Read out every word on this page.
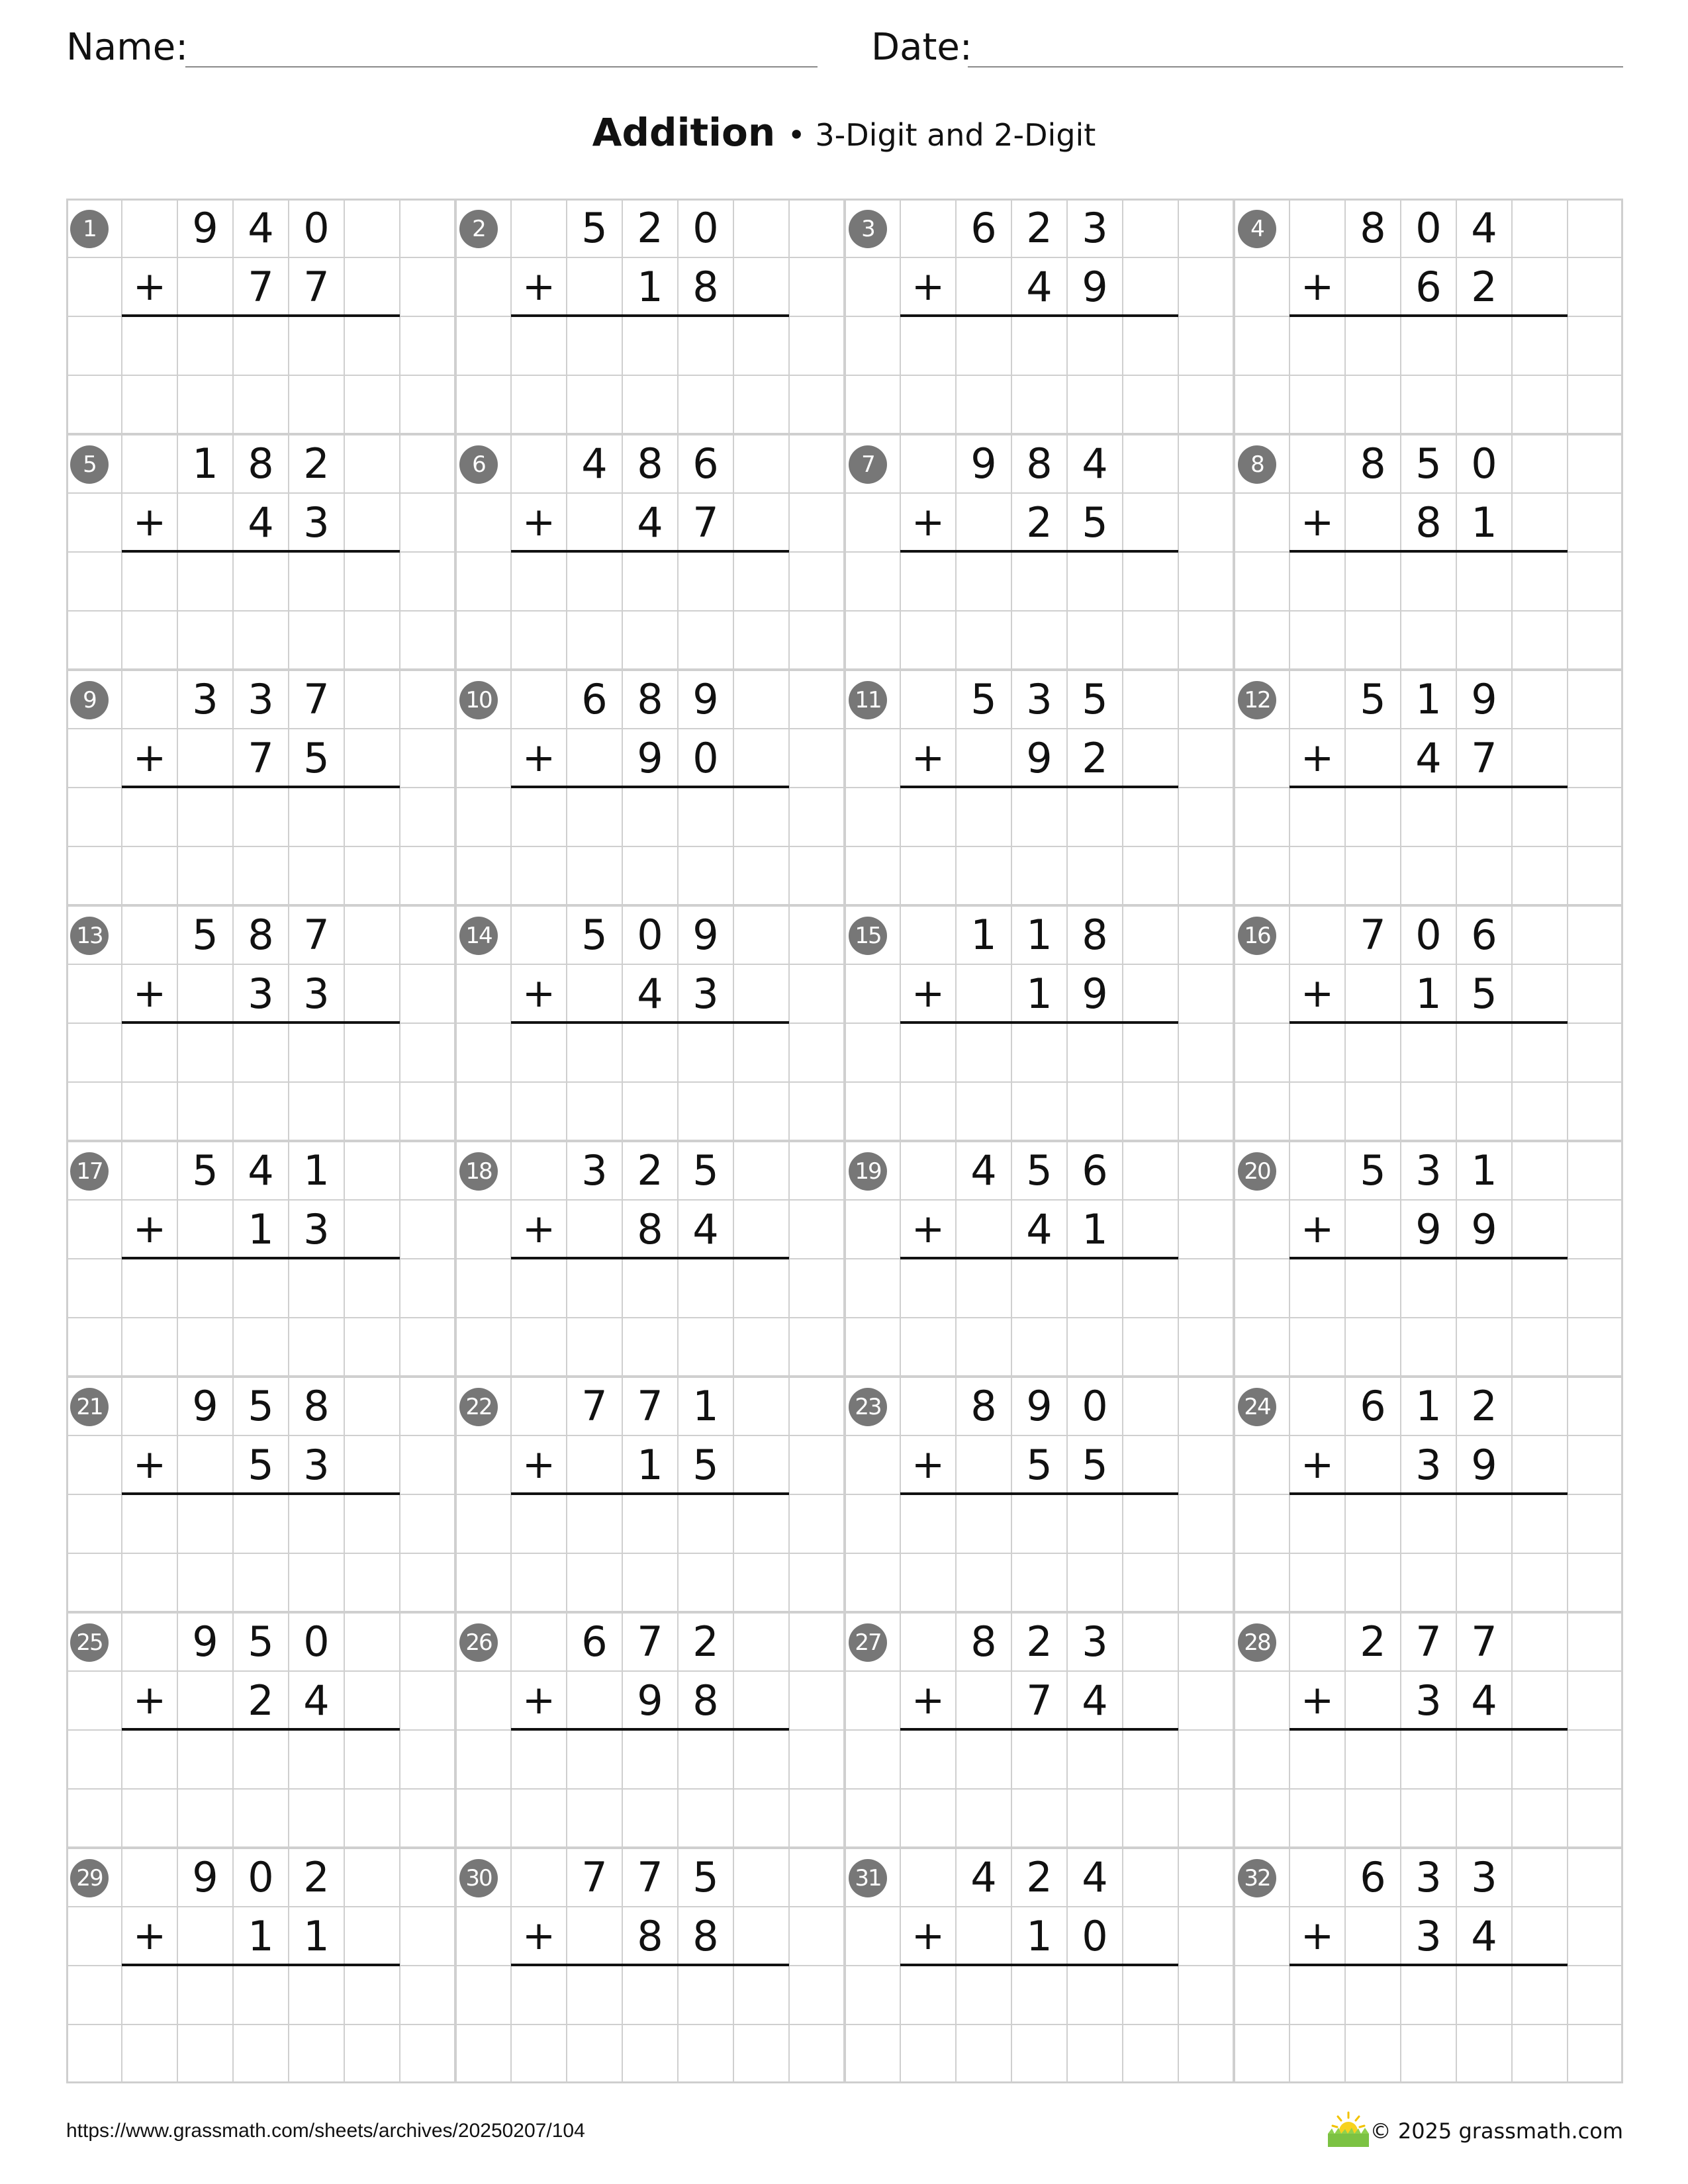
Name:	Date:
Addition • 3-Digit and 2-Digit
1	9 4 0
+	7 7
2	5 2 0
+	1 8
3	6 2 3
+	4 9
4	8 0 4
+	6 2
5	1 8 2
+	4 3
6	4 8 6
+	4 7
7	9 8 4
+	2 5
8	8 5 0
+	8 1
9	3 3 7
+	7 5
10	6 8 9
+	9 0
11	5 3 5
+	9 2
12	5 1 9
+	4 7
13	5 8 7
+	3 3
14	5 0 9
+	4 3
15	1 1 8
+	1 9
16	7 0 6
+	1 5
17	5 4 1
+	1 3
18	3 2 5
+	8 4
19	4 5 6
+	4 1
20	5 3 1
+	9 9
21	9 5 8
+	5 3
22	7 7 1
+	1 5
23	8 9 0
+	5 5
24	6 1 2
+	3 9
25	9 5 0
+	2 4
26	6 7 2
+	9 8
27	8 2 3
+	7 4
28	2 7 7
+	3 4
29	9 0 2
+	1 1
30	7 7 5
+	8 8
31	4 2 4
+	1 0
32	6 3 3
+	3 4
https://www.grassmath.com/sheets/archives/20250207/104	© 2025 grassmath.com
